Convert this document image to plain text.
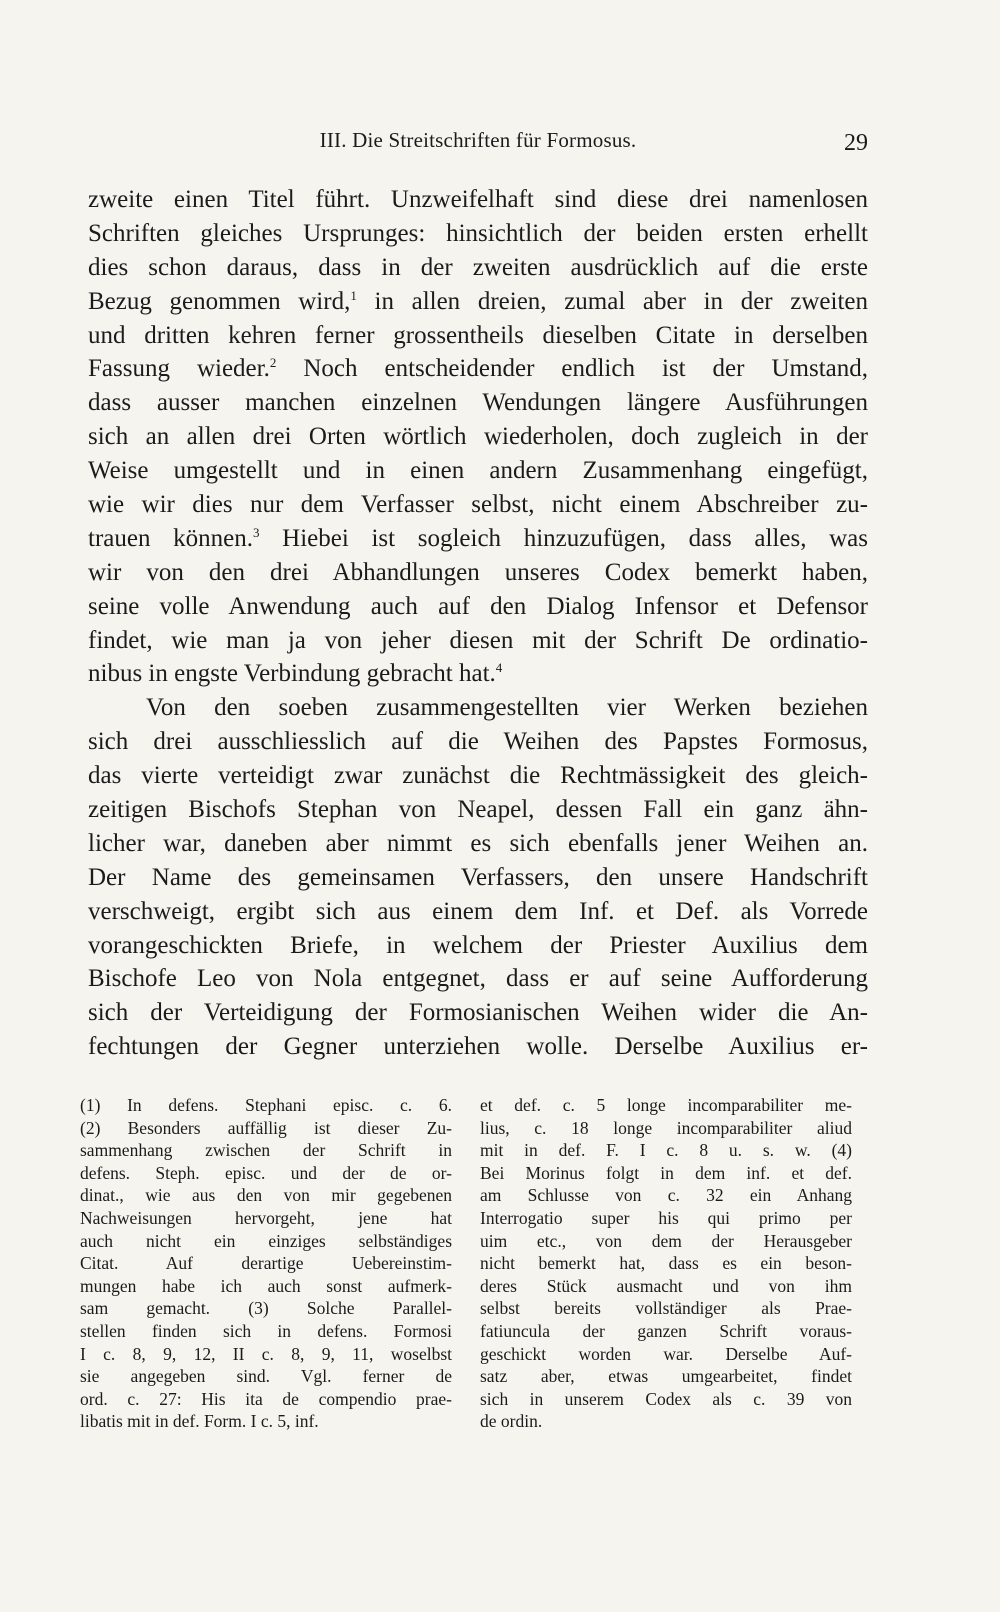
III. Die Streitschriften für Formosus.	29
zweite einen Titel führt. Unzweifelhaft sind diese drei namenlosen
Schriften gleiches Ursprunges: hinsichtlich der beiden ersten erhellt
dies schon daraus, dass in der zweiten ausdrücklich auf die erste
Bezug genommen wird,$^1$ in allen dreien, zumal aber in der zweiten
und dritten kehren ferner grossentheils dieselben Citate in derselben
Fassung wieder.$^2$ Noch entscheidender endlich ist der Umstand,
dass ausser manchen einzelnen Wendungen längere Ausführungen
sich an allen drei Orten wörtlich wiederholen, doch zugleich in der
Weise umgestellt und in einen andern Zusammenhang eingefügt,
wie wir dies nur dem Verfasser selbst, nicht einem Abschreiber zu-
trauen können.$^3$ Hiebei ist sogleich hinzuzufügen, dass alles, was
wir von den drei Abhandlungen unseres Codex bemerkt haben,
seine volle Anwendung auch auf den Dialog Infensor et Defensor
findet, wie man ja von jeher diesen mit der Schrift De ordinatio-
nibus in engste Verbindung gebracht hat.$^4$
Von den soeben zusammengestellten vier Werken beziehen
sich drei ausschliesslich auf die Weihen des Papstes Formosus,
das vierte verteidigt zwar zunächst die Rechtmässigkeit des gleich-
zeitigen Bischofs Stephan von Neapel, dessen Fall ein ganz ähn-
licher war, daneben aber nimmt es sich ebenfalls jener Weihen an.
Der Name des gemeinsamen Verfassers, den unsere Handschrift
verschweigt, ergibt sich aus einem dem Inf. et Def. als Vorrede
vorangeschickten Briefe, in welchem der Priester Auxilius dem
Bischofe Leo von Nola entgegnet, dass er auf seine Aufforderung
sich der Verteidigung der Formosianischen Weihen wider die An-
fechtungen der Gegner unterziehen wolle. Derselbe Auxilius er-
(1) In defens. Stephani episc. c. 6.
(2) Besonders auffällig ist dieser Zu-
sammenhang zwischen der Schrift in
defens. Steph. episc. und der de or-
dinat., wie aus den von mir gegebenen
Nachweisungen hervorgeht, jene hat
auch nicht ein einziges selbständiges
Citat. Auf derartige Uebereinstim-
mungen habe ich auch sonst aufmerk-
sam gemacht. (3) Solche Parallel-
stellen finden sich in defens. Formosi
I c. 8, 9, 12, II c. 8, 9, 11, woselbst
sie angegeben sind. Vgl. ferner de
ord. c. 27: His ita de compendio prae-
libatis mit in def. Form. I c. 5, inf.
et def. c. 5 longe incomparabiliter me-
lius, c. 18 longe incomparabiliter aliud
mit in def. F. I c. 8 u. s. w. (4)
Bei Morinus folgt in dem inf. et def.
am Schlusse von c. 32 ein Anhang
Interrogatio super his qui primo per
uim etc., von dem der Herausgeber
nicht bemerkt hat, dass es ein beson-
deres Stück ausmacht und von ihm
selbst bereits vollständiger als Prae-
fatiuncula der ganzen Schrift voraus-
geschickt worden war. Derselbe Auf-
satz aber, etwas umgearbeitet, findet
sich in unserem Codex als c. 39 von
de ordin.
